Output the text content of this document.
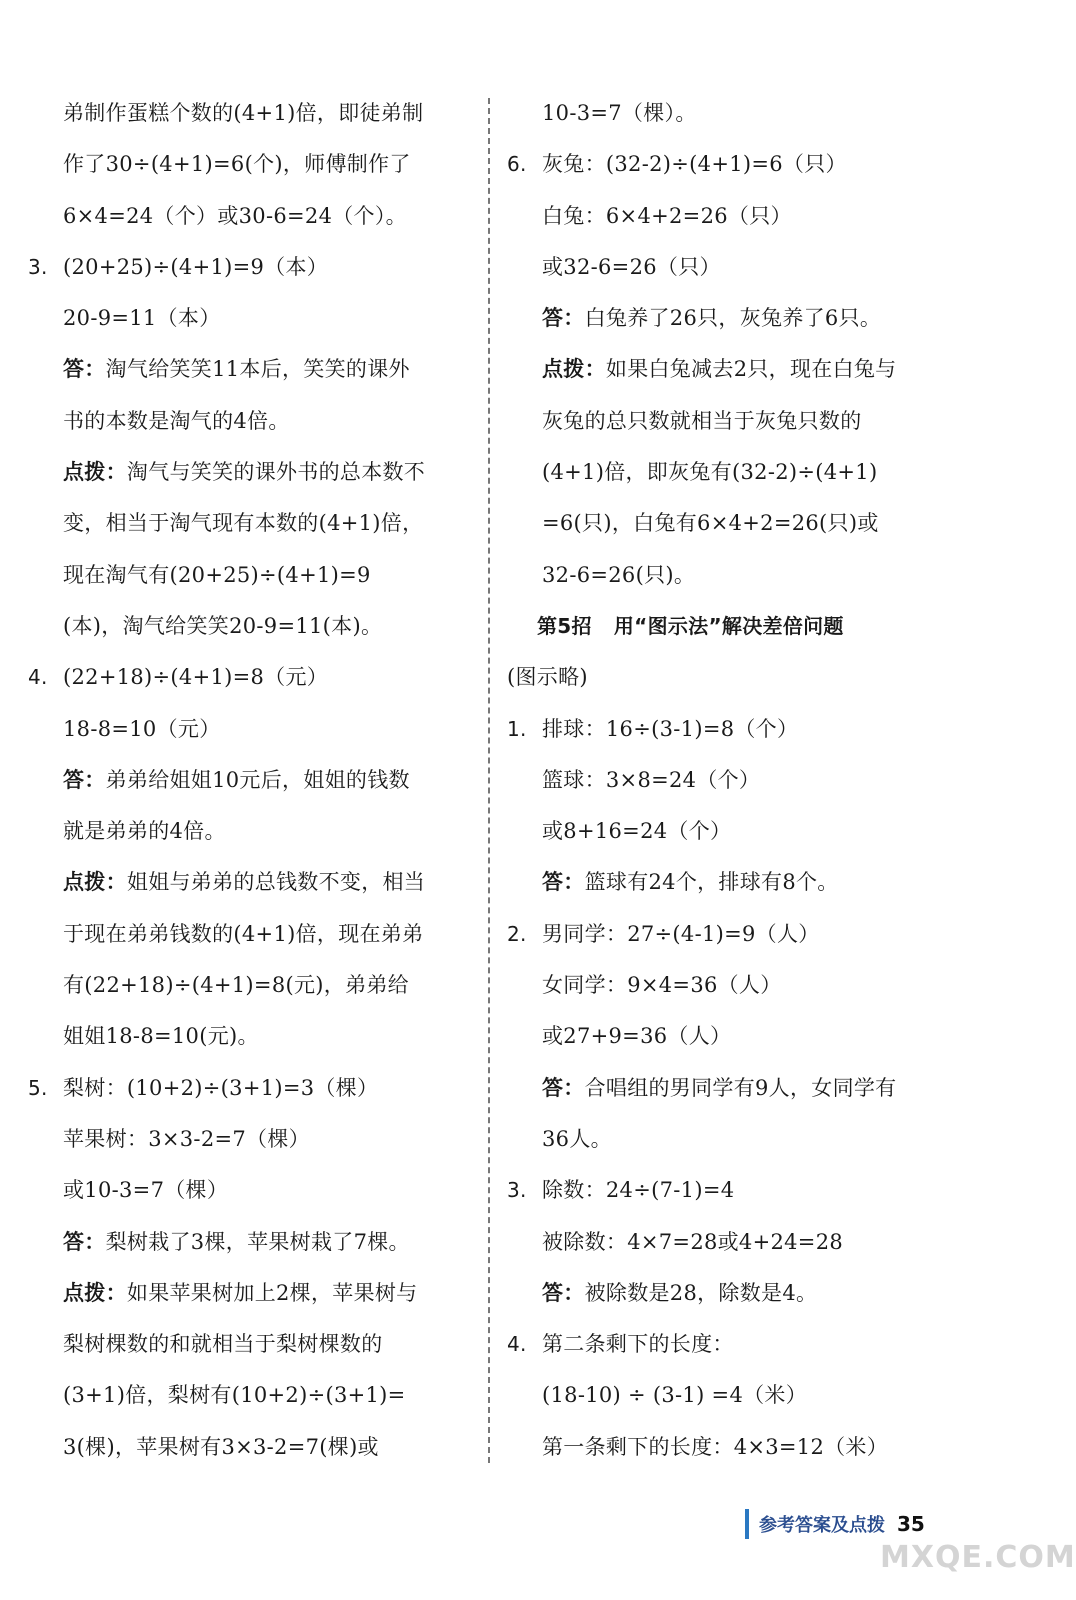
弟制作蛋糕个数的(4+1)倍，即徒弟制
作了30÷(4+1)=6(个)，师傅制作了
6×4=24（个）或30-6=24（个）。
3. (20+25)÷(4+1)=9（本）
20-9=11（本）
答：淘气给笑笑11本后，笑笑的课外
书的本数是淘气的4倍。
点拨：淘气与笑笑的课外书的总本数不
变，相当于淘气现有本数的(4+1)倍，
现在淘气有(20+25)÷(4+1)=9
(本)，淘气给笑笑20-9=11(本)。
4. (22+18)÷(4+1)=8（元）
18-8=10（元）
答：弟弟给姐姐10元后，姐姐的钱数
就是弟弟的4倍。
点拨：姐姐与弟弟的总钱数不变，相当
于现在弟弟钱数的(4+1)倍，现在弟弟
有(22+18)÷(4+1)=8(元)，弟弟给
姐姐18-8=10(元)。
5. 梨树：(10+2)÷(3+1)=3（棵）
苹果树：3×3-2=7（棵）
或10-3=7（棵）
答：梨树栽了3棵，苹果树栽了7棵。
点拨：如果苹果树加上2棵，苹果树与
梨树棵数的和就相当于梨树棵数的
(3+1)倍，梨树有(10+2)÷(3+1)=
3(棵)，苹果树有3×3-2=7(棵)或
10-3=7（棵）。
6. 灰兔：(32-2)÷(4+1)=6（只）
白兔：6×4+2=26（只）
或32-6=26（只）
答：白兔养了26只，灰兔养了6只。
点拨：如果白兔减去2只，现在白兔与
灰兔的总只数就相当于灰兔只数的
(4+1)倍，即灰兔有(32-2)÷(4+1)
=6(只)，白兔有6×4+2=26(只)或
32-6=26(只)。
第5招 用“图示法”解决差倍问题
(图示略)
1. 排球：16÷(3-1)=8（个）
篮球：3×8=24（个）
或8+16=24（个）
答：篮球有24个，排球有8个。
2. 男同学：27÷(4-1)=9（人）
女同学：9×4=36（人）
或27+9=36（人）
答：合唱组的男同学有9人，女同学有
36人。
3. 除数：24÷(7-1)=4
被除数：4×7=28或4+24=28
答：被除数是28，除数是4。
4. 第二条剩下的长度：
(18-10) ÷ (3-1) =4（米）
第一条剩下的长度：4×3=12（米）
参考答案及点拨 35
MXQE.COM
